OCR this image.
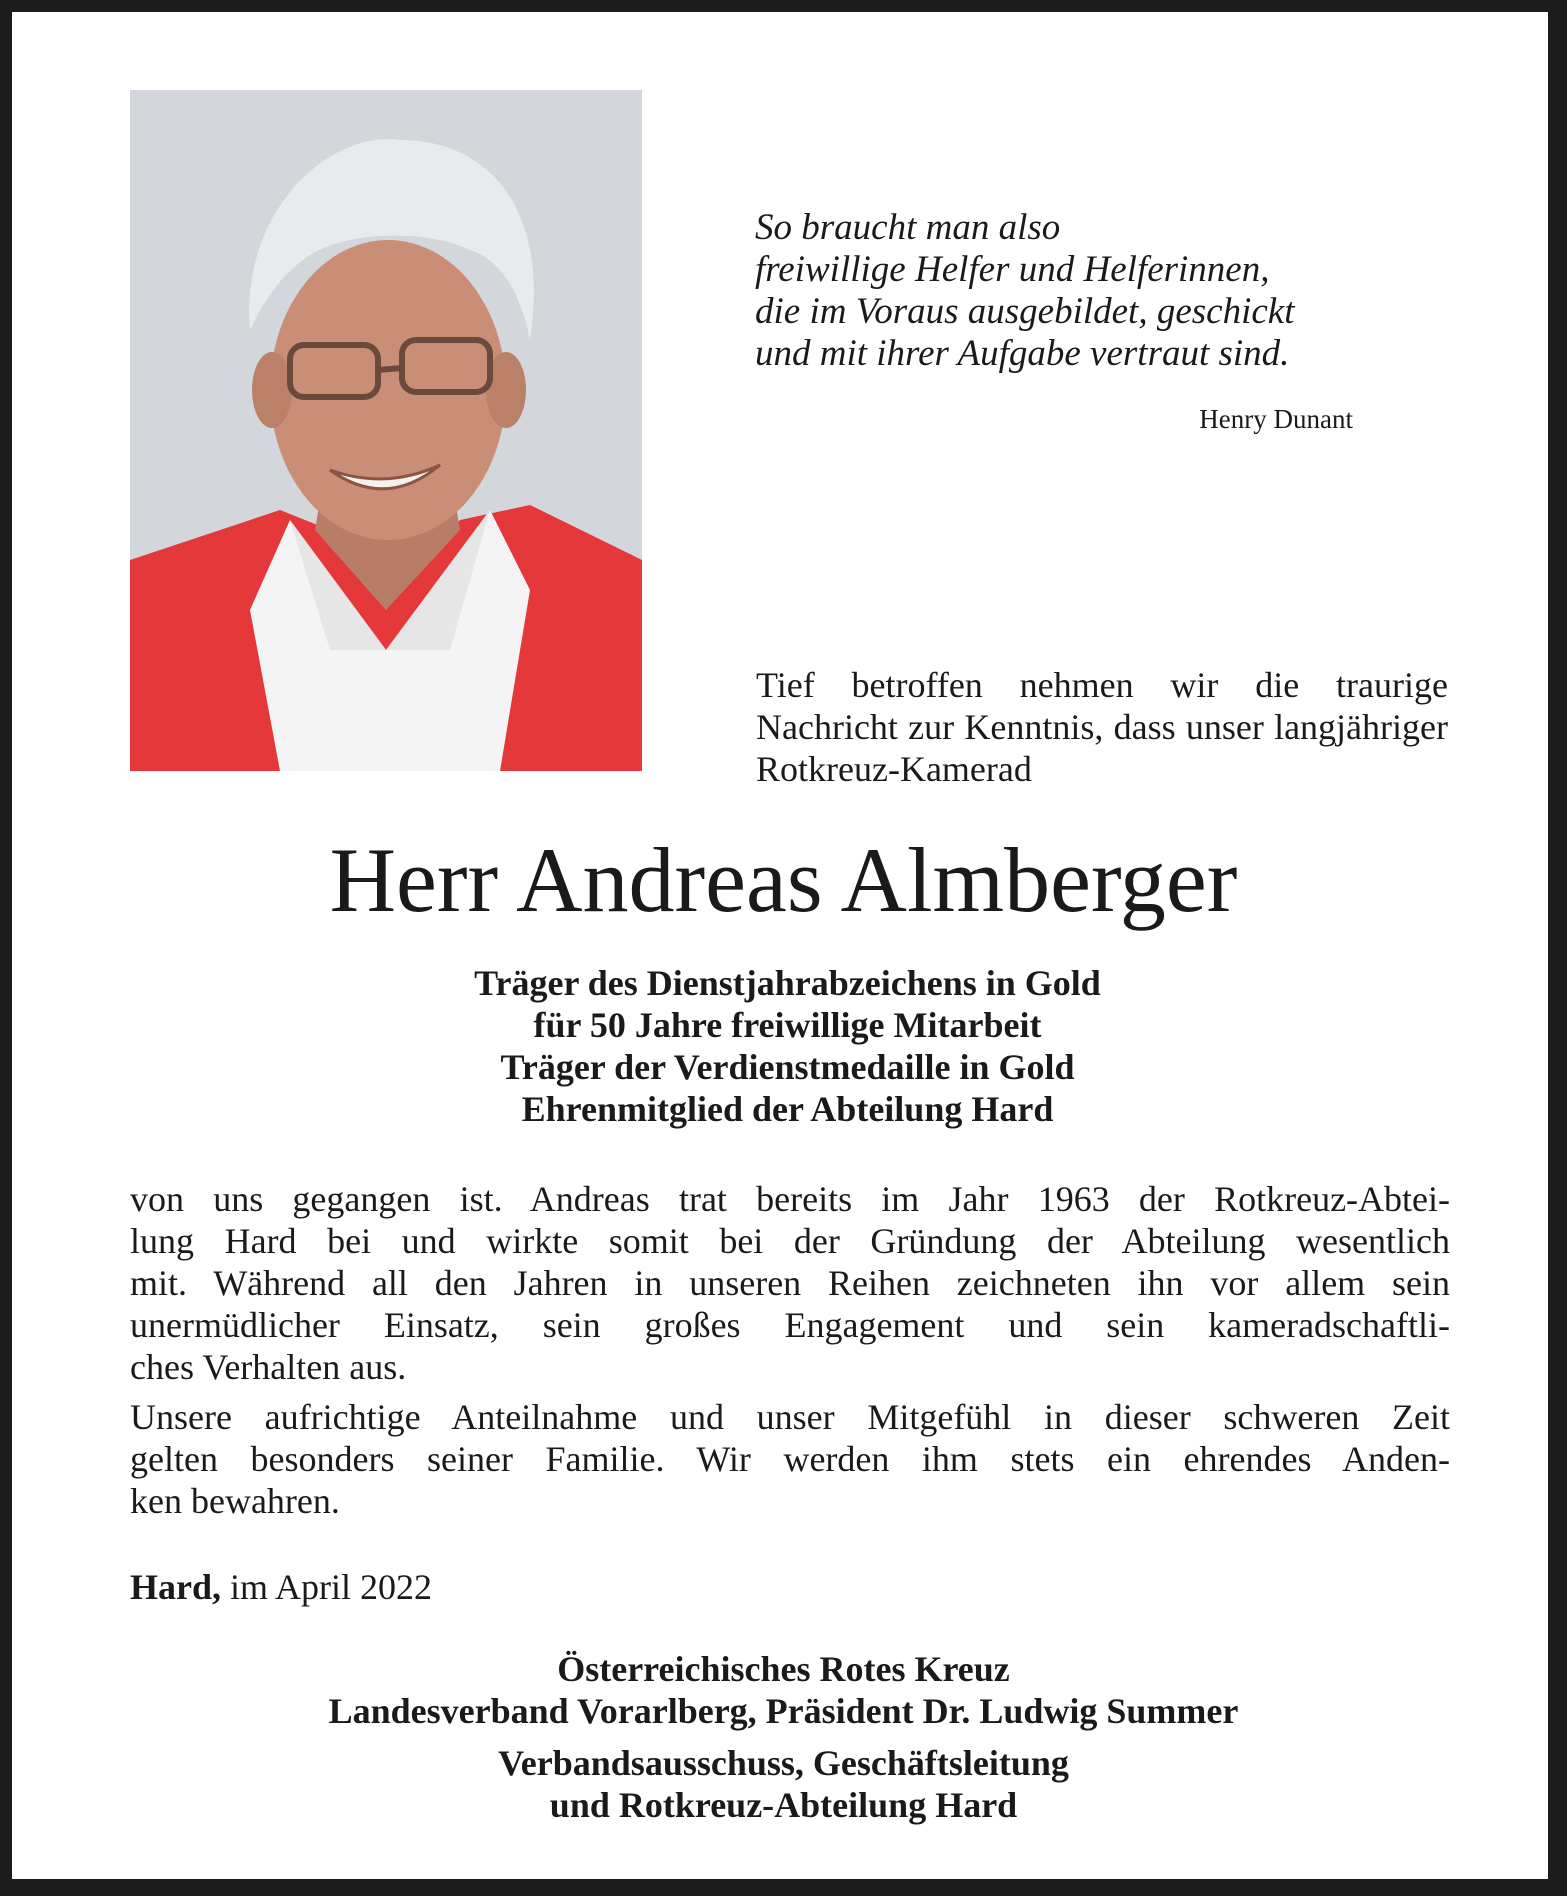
So braucht man also
freiwillige Helfer und Helferinnen,
die im Voraus ausgebildet, geschickt
und mit ihrer Aufgabe vertraut sind.

Henry Dunant

Tief betroffen nehmen wir die traurige Nachricht zur Kenntnis, dass unser langjähriger Rotkreuz-Kamerad

Herr Andreas Almberger
Träger des Dienstjahrabzeichens in Gold
für 50 Jahre freiwillige Mitarbeit
Träger der Verdienstmedaille in Gold
Ehrenmitglied der Abteilung Hard

von uns gegangen ist. Andreas trat bereits im Jahr 1963 der Rotkreuz-Abtei-
lung Hard bei und wirkte somit bei der Gründung der Abteilung wesentlich
mit. Während all den Jahren in unseren Reihen zeichneten ihn vor allem sein
unermüdlicher Einsatz, sein großes Engagement und sein kameradschaftli-
ches Verhalten aus.

Unsere aufrichtige Anteilnahme und unser Mitgefühl in dieser schweren Zeit
gelten besonders seiner Familie. Wir werden ihm stets ein ehrendes Anden-
ken bewahren.

Hard, im April 2022
Österreichisches Rotes Kreuz
Landesverband Vorarlberg, Präsident Dr. Ludwig Summer
Verbandsausschuss, Geschäftsleitung
und Rotkreuz-Abteilung Hard
